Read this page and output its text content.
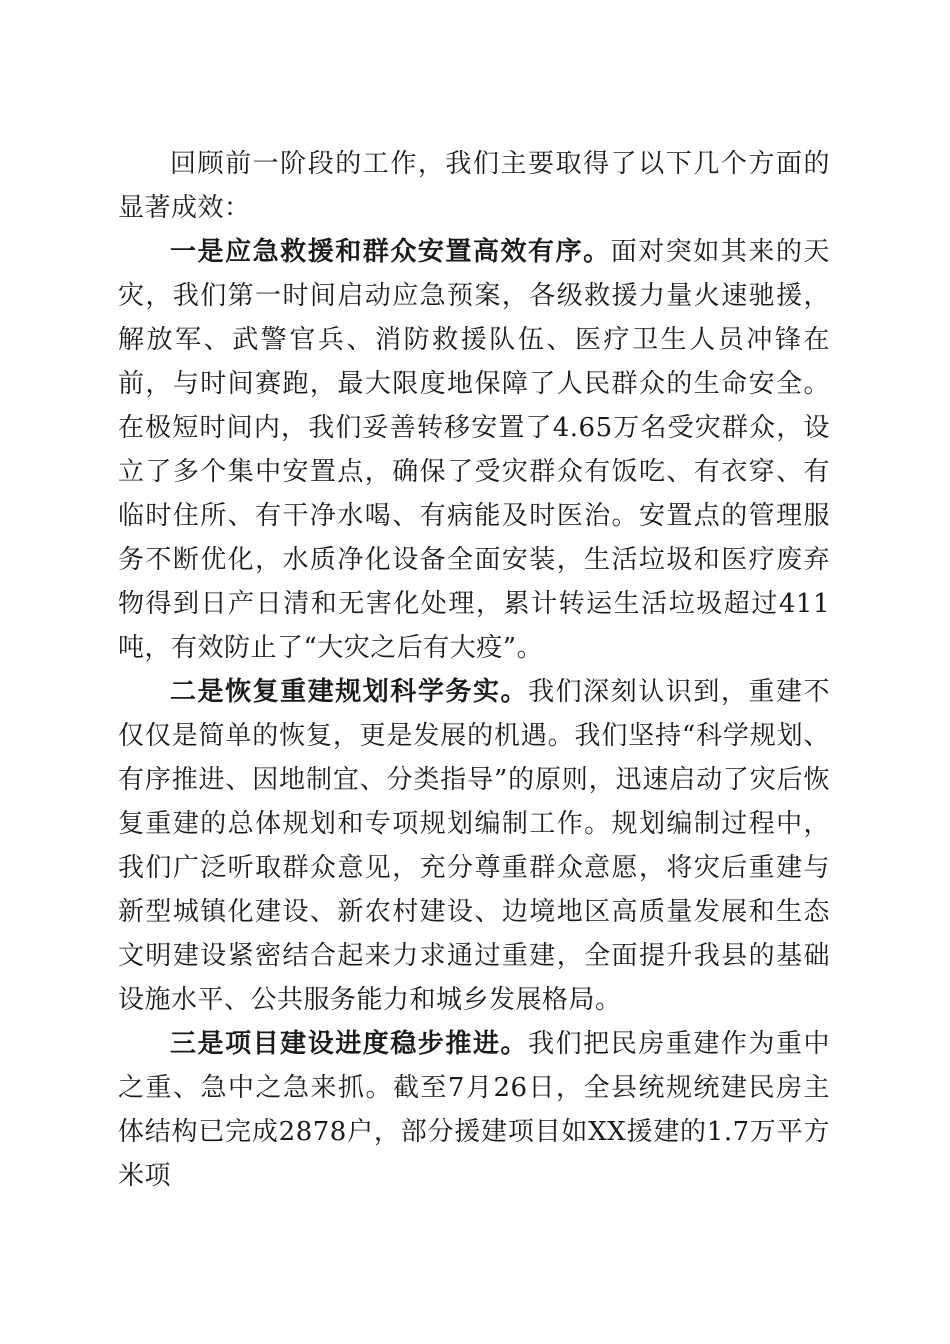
回顾前一阶段的工作，我们主要取得了以下几个方面的显著成效：

一是应急救援和群众安置高效有序。面对突如其来的天灾，我们第一时间启动应急预案，各级救援力量火速驰援，解放军、武警官兵、消防救援队伍、医疗卫生人员冲锋在前，与时间赛跑，最大限度地保障了人民群众的生命安全。在极短时间内，我们妥善转移安置了4.65万名受灾群众，设立了多个集中安置点，确保了受灾群众有饭吃、有衣穿、有临时住所、有干净水喝、有病能及时医治。安置点的管理服务不断优化，水质净化设备全面安装，生活垃圾和医疗废弃物得到日产日清和无害化处理，累计转运生活垃圾超过411吨，有效防止了“大灾之后有大疫”。

二是恢复重建规划科学务实。我们深刻认识到，重建不仅仅是简单的恢复，更是发展的机遇。我们坚持“科学规划、有序推进、因地制宜、分类指导”的原则，迅速启动了灾后恢复重建的总体规划和专项规划编制工作。规划编制过程中，我们广泛听取群众意见，充分尊重群众意愿，将灾后重建与新型城镇化建设、新农村建设、边境地区高质量发展和生态文明建设紧密结合起来力求通过重建，全面提升我县的基础设施水平、公共服务能力和城乡发展格局。

三是项目建设进度稳步推进。我们把民房重建作为重中之重、急中之急来抓。截至7月26日，全县统规统建民房主体结构已完成2878户，部分援建项目如XX援建的1.7万平方米项
